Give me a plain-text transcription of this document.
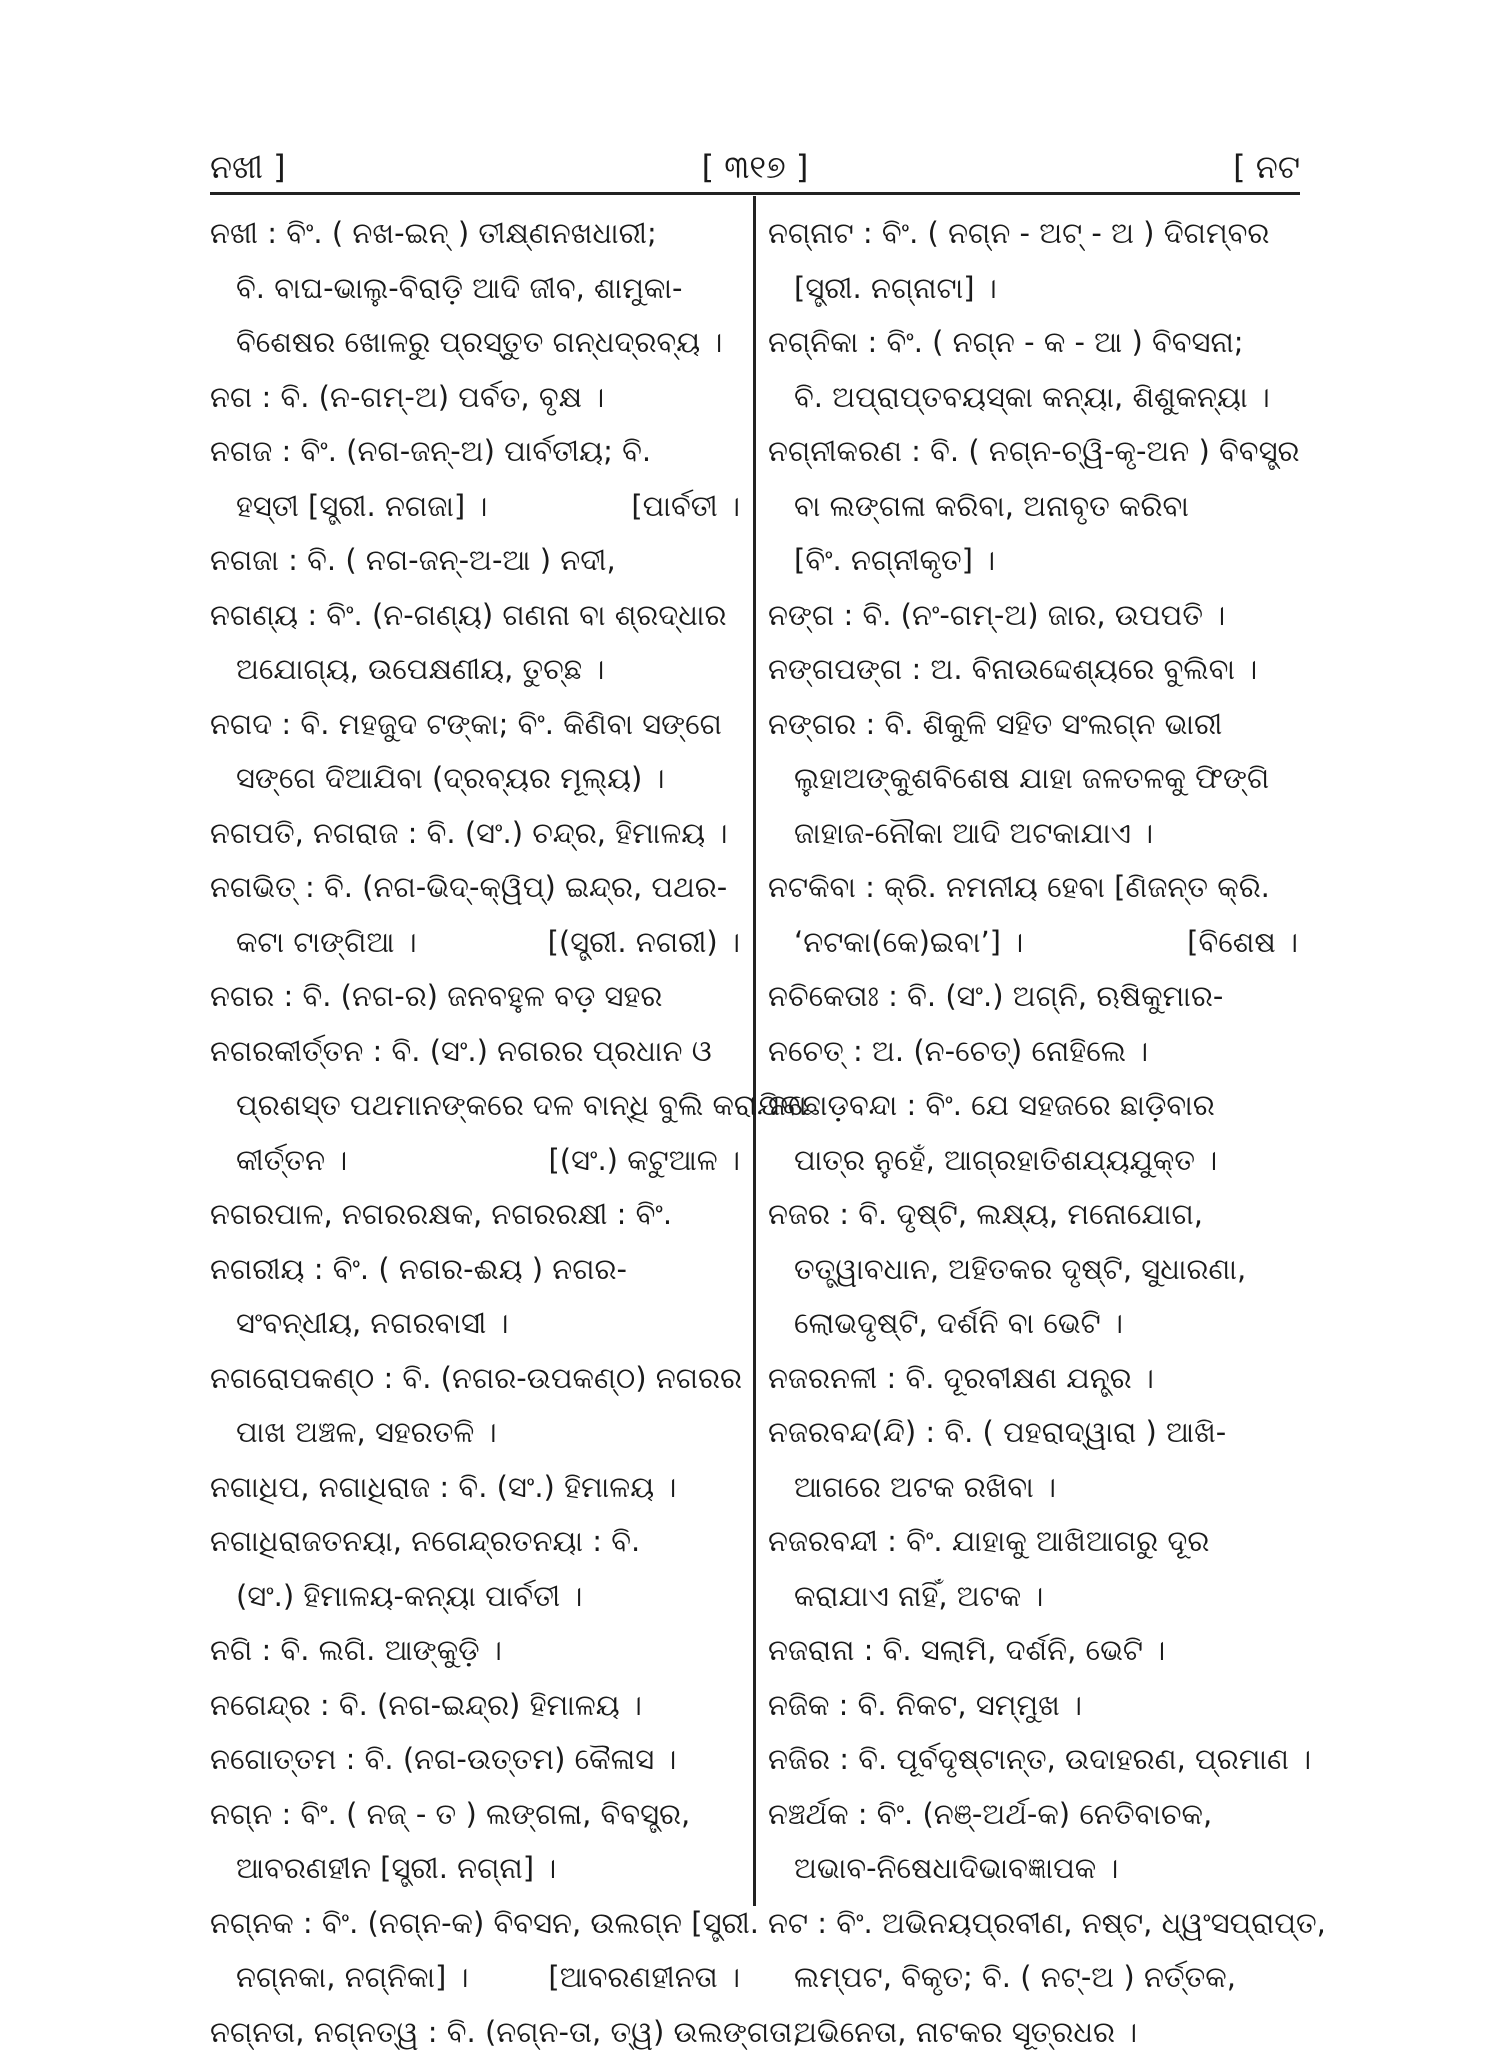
ନଖୀ ]	[ ୩୧୭ ]	[ ନଟ
ନଖୀ : ବିଂ. ( ନଖ-ଇନ୍ ) ତୀକ୍ଷ୍ଣନଖଧାରୀ;
ବି. ବାଘ-ଭାଲୁ-ବିରାଡ଼ି ଆଦି ଜୀବ, ଶାମୁକା-
ବିଶେଷର ଖୋଳରୁ ପ୍ରସ୍ତୁତ ଗନ୍ଧଦ୍ରବ୍ୟ ।
ନଗ : ବି. (ନ-ଗମ୍-ଅ) ପର୍ବତ, ବୃକ୍ଷ ।
ନଗଜ : ବିଂ. (ନଗ-ଜନ୍-ଅ) ପାର୍ବତୀୟ; ବି.
ହସ୍ତୀ [ସ୍ତ୍ରୀ. ନଗଜା] ।	[ପାର୍ବତୀ ।
ନଗଜା : ବି. ( ନଗ-ଜନ୍-ଅ-ଆ ) ନଦୀ,
ନଗଣ୍ୟ : ବିଂ. (ନ-ଗଣ୍ୟ) ଗଣନା ବା ଶ୍ରଦ୍ଧାର
ଅଯୋଗ୍ୟ, ଉପେକ୍ଷଣୀୟ, ତୁଚ୍ଛ ।
ନଗଦ : ବି. ମହଜୁଦ ଟଙ୍କା; ବିଂ. କିଣିବା ସଙ୍ଗେ
ସଙ୍ଗେ ଦିଆଯିବା (ଦ୍ରବ୍ୟର ମୂଲ୍ୟ) ।
ନଗପତି, ନଗରାଜ : ବି. (ସଂ.) ଚନ୍ଦ୍ର, ହିମାଳୟ ।
ନଗଭିତ୍ : ବି. (ନଗ-ଭିଦ୍-କ୍ୱିପ୍) ଇନ୍ଦ୍ର, ପଥର-
କଟା ଟାଙ୍ଗିଆ ।	[(ସ୍ତ୍ରୀ. ନଗରୀ) ।
ନଗର : ବି. (ନଗ-ର) ଜନବହୁଳ ବଡ଼ ସହର
ନଗରକୀର୍ତ୍ତନ : ବି. (ସଂ.) ନଗରର ପ୍ରଧାନ ଓ
ପ୍ରଶସ୍ତ ପଥମାନଙ୍କରେ ଦଳ ବାନ୍ଧି ବୁଲି କରାଯିବା
କୀର୍ତ୍ତନ ।	[(ସଂ.) କଟୁଆଳ ।
ନଗରପାଳ, ନଗରରକ୍ଷକ, ନଗରରକ୍ଷୀ : ବିଂ.
ନଗରୀୟ : ବିଂ. ( ନଗର-ଈୟ ) ନଗର-
ସଂବନ୍ଧୀୟ, ନଗରବାସୀ ।
ନଗରୋପକଣ୍ଠ : ବି. (ନଗର-ଉପକଣ୍ଠ) ନଗରର
ପାଖ ଅଞ୍ଚଳ, ସହରତଳି ।
ନଗାଧିପ, ନଗାଧିରାଜ : ବି. (ସଂ.) ହିମାଳୟ ।
ନଗାଧିରାଜତନୟା, ନଗେନ୍ଦ୍ରତନୟା : ବି.
(ସଂ.) ହିମାଳୟ-କନ୍ୟା ପାର୍ବତୀ ।
ନଗି : ବି. ଲଗି. ଆଙ୍କୁଡ଼ି ।
ନଗେନ୍ଦ୍ର : ବି. (ନଗ-ଇନ୍ଦ୍ର) ହିମାଳୟ ।
ନଗୋତ୍ତମ : ବି. (ନଗ-ଉତ୍ତମ) କୈଳାସ ।
ନଗ୍ନ : ବିଂ. ( ନଜ୍ - ତ ) ଲଙ୍ଗଳା, ବିବସ୍ତ୍ର,
ଆବରଣହୀନ [ସ୍ତ୍ରୀ. ନଗ୍ନା] ।
ନଗ୍ନକ : ବିଂ. (ନଗ୍ନ-କ) ବିବସନ, ଉଲଗ୍ନ [ସ୍ତ୍ରୀ.
ନଗ୍ନକା, ନଗ୍ନିକା] ।	[ଆବରଣହୀନତା ।
ନଗ୍ନତା, ନଗ୍ନତ୍ୱ : ବି. (ନଗ୍ନ-ତା, ତ୍ୱ) ଉଲଙ୍ଗତା,
ନଗ୍ନାଟ : ବିଂ. ( ନଗ୍ନ - ଅଟ୍ - ଅ ) ଦିଗମ୍ବର
[ସ୍ତ୍ରୀ. ନଗ୍ନାଟା] ।
ନଗ୍ନିକା : ବିଂ. ( ନଗ୍ନ - କ - ଆ ) ବିବସନା;
ବି. ଅପ୍ରାପ୍ତବୟସ୍କା କନ୍ୟା, ଶିଶୁକନ୍ୟା ।
ନଗ୍ନୀକରଣ : ବି. ( ନଗ୍ନ-ଚ୍ୱି-କୃ-ଅନ ) ବିବସ୍ତ୍ର
ବା ଲଙ୍ଗଳା କରିବା, ଅନାବୃତ କରିବା
[ବିଂ. ନଗ୍ନୀକୃତ] ।
ନଙ୍ଗ : ବି. (ନଂ-ଗମ୍-ଅ) ଜାର, ଉପପତି ।
ନଙ୍ଗପଙ୍ଗ : ଅ. ବିନାଉଦ୍ଦେଶ୍ୟରେ ବୁଲିବା ।
ନଙ୍ଗର : ବି. ଶିକୁଳି ସହିତ ସଂଲଗ୍ନ ଭାରୀ
ଲୁହାଅଙ୍କୁଶବିଶେଷ ଯାହା ଜଳତଳକୁ ଫିଙ୍ଗି
ଜାହାଜ-ନୌକା ଆଦି ଅଟକାଯାଏ ।
ନଟକିବା : କ୍ରି. ନମନୀୟ ହେବା [ଣିଜନ୍ତ କ୍ରି.
‘ନଟକା(କେ)ଇବା’] ।	[ବିଶେଷ ।
ନଚିକେତାଃ : ବି. (ସଂ.) ଅଗ୍ନି, ଋଷିକୁମାର-
ନଚେତ୍ : ଅ. (ନ-ଚେତ୍) ନୋହିଲେ ।
ନଛୋଡ଼ବନ୍ଦା : ବିଂ. ଯେ ସହଜରେ ଛାଡ଼ିବାର
ପାତ୍ର ନୁହେଁ, ଆଗ୍ରହାତିଶଯ୍ୟଯୁକ୍ତ ।
ନଜର : ବି. ଦୃଷ୍ଟି, ଲକ୍ଷ୍ୟ, ମନୋଯୋଗ,
ତତ୍ତ୍ୱାବଧାନ, ଅହିତକର ଦୃଷ୍ଟି, ସୁଧାରଣା,
ଲୋଭଦୃଷ୍ଟି, ଦର୍ଶନି ବା ଭେଟି ।
ନଜରନଳୀ : ବି. ଦୂରବୀକ୍ଷଣ ଯନ୍ତ୍ର ।
ନଜରବନ୍ଦ(ନ୍ଦି) : ବି. ( ପହରାଦ୍ୱାରା ) ଆଖି-
ଆଗରେ ଅଟକ ରଖିବା ।
ନଜରବନ୍ଦୀ : ବିଂ. ଯାହାକୁ ଆଖିଆଗରୁ ଦୂର
କରାଯାଏ ନାହିଁ, ଅଟକ ।
ନଜରାନା : ବି. ସଲାମି, ଦର୍ଶନି, ଭେଟି ।
ନଜିକ : ବି. ନିକଟ, ସମ୍ମୁଖ ।
ନଜିର : ବି. ପୂର୍ବଦୃଷ୍ଟାନ୍ତ, ଉଦାହରଣ, ପ୍ରମାଣ ।
ନଞ୍ଚର୍ଥକ : ବିଂ. (ନଞ୍-ଅର୍ଥ-କ) ନେତିବାଚକ,
ଅଭାବ-ନିଷେଧାଦିଭାବଜ୍ଞାପକ ।
ନଟ : ବିଂ. ଅଭିନୟପ୍ରବୀଣ, ନଷ୍ଟ, ଧ୍ୱଂସପ୍ରାପ୍ତ,
ଲମ୍ପଟ, ବିକୃତ; ବି. ( ନଟ୍-ଅ ) ନର୍ତ୍ତକ,
ଅଭିନେତା, ନାଟକର ସୂତ୍ରଧର ।
